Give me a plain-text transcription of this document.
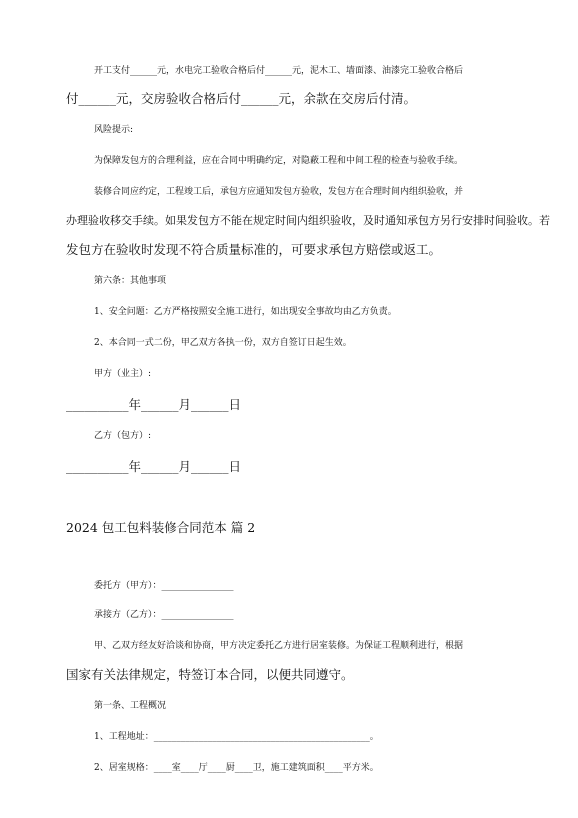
开工支付______元，水电完工验收合格后付______元，泥木工、墙面漆、油漆完工验收合格后
付______元，交房验收合格后付______元，余款在交房后付清。
风险提示:
为保障发包方的合理利益，应在合同中明确约定，对隐蔽工程和中间工程的检查与验收手续。
装修合同应约定，工程竣工后，承包方应通知发包方验收，发包方在合理时间内组织验收，并
办理验收移交手续。如果发包方不能在规定时间内组织验收，及时通知承包方另行安排时间验收。若
发包方在验收时发现不符合质量标准的，可要求承包方赔偿或返工。
第六条：其他事项
1、安全问题：乙方严格按照安全施工进行，如出现安全事故均由乙方负责。
2、本合同一式二份，甲乙双方各执一份，双方自签订日起生效。
甲方（业主）:
__________年______月______日
乙方（包方）:
__________年______月______日
2024 包工包料装修合同范本 篇 2
委托方（甲方）：________________
承接方（乙方）：________________
甲、乙双方经友好洽谈和协商，甲方决定委托乙方进行居室装修。为保证工程顺利进行，根据
国家有关法律规定，特签订本合同，以便共同遵守。
第一条、工程概况
1、工程地址：________________________________________________。
2、居室规格：____室____厅____厨____卫，施工建筑面积____平方米。
